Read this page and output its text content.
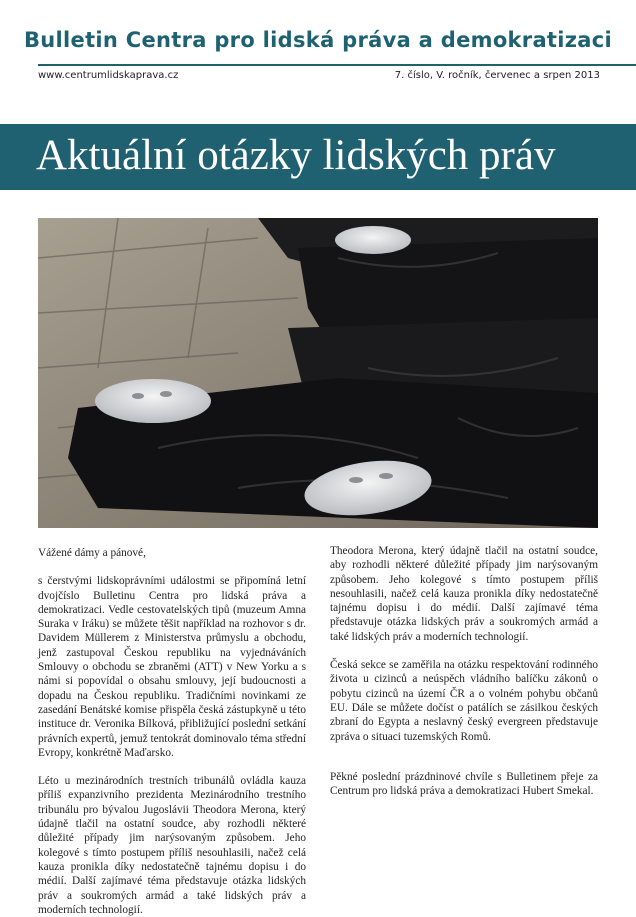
Bulletin Centra pro lidská práva a demokratizaci
www.centrumlidskaprava.cz	7. číslo, V. ročník, červenec a srpen 2013
Aktuální otázky lidských práv

Vážené dámy a pánové,

s čerstvými lidskoprávními událostmi se připomíná letní dvojčíslo Bulletinu Centra pro lidská práva a demokratizaci. Vedle cestovatelských tipů (muzeum Amna Suraka v Iráku) se můžete těšit například na rozhovor s dr. Davidem Müllerem z Ministerstva průmyslu a obchodu, jenž zastupoval Českou republiku na vyjednáváních Smlouvy o obchodu se zbraněmi (ATT) v New Yorku a s námi si popovídal o obsahu smlouvy, její budoucnosti a dopadu na Českou republiku. Tradičními novinkami ze zasedání Benátské komise přispěla česká zástupkyně u této instituce dr. Veronika Bílková, přibližující poslední setkání právních expertů, jemuž tentokrát dominovalo téma střední Evropy, konkrétně Maďarsko.

Léto u mezinárodních trestních tribunálů ovládla kauza příliš expanzivního prezidenta Mezinárodního trestního tribunálu pro bývalou Jugoslávii Theodora Merona, který údajně tlačil na ostatní soudce, aby rozhodli některé důležité případy jim narýsovaným způsobem. Jeho kolegové s tímto postupem příliš nesouhlasili, načež celá kauza pronikla díky nedostatečně tajnému dopisu i do médií. Další zajímavé téma představuje otázka lidských práv a soukromých armád a také lidských práv a moderních technologií.

Theodora Merona, který údajně tlačil na ostatní soudce, aby rozhodli některé důležité případy jim narýsovaným způsobem. Jeho kolegové s tímto postupem příliš nesouhlasili, načež celá kauza pronikla díky nedostatečně tajnému dopisu i do médií. Další zajímavé téma představuje otázka lidských práv a soukromých armád a také lidských práv a moderních technologií.

Česká sekce se zaměřila na otázku respektování rodinného života u cizinců a neúspěch vládního balíčku zákonů o pobytu cizinců na území ČR a o volném pohybu občanů EU. Dále se můžete dočíst o patálích se zásilkou českých zbraní do Egypta a neslavný český evergreen představuje zpráva o situaci tuzemských Romů.

Pěkné poslední prázdninové chvíle s Bulletinem přeje za Centrum pro lidská práva a demokratizaci Hubert Smekal.
